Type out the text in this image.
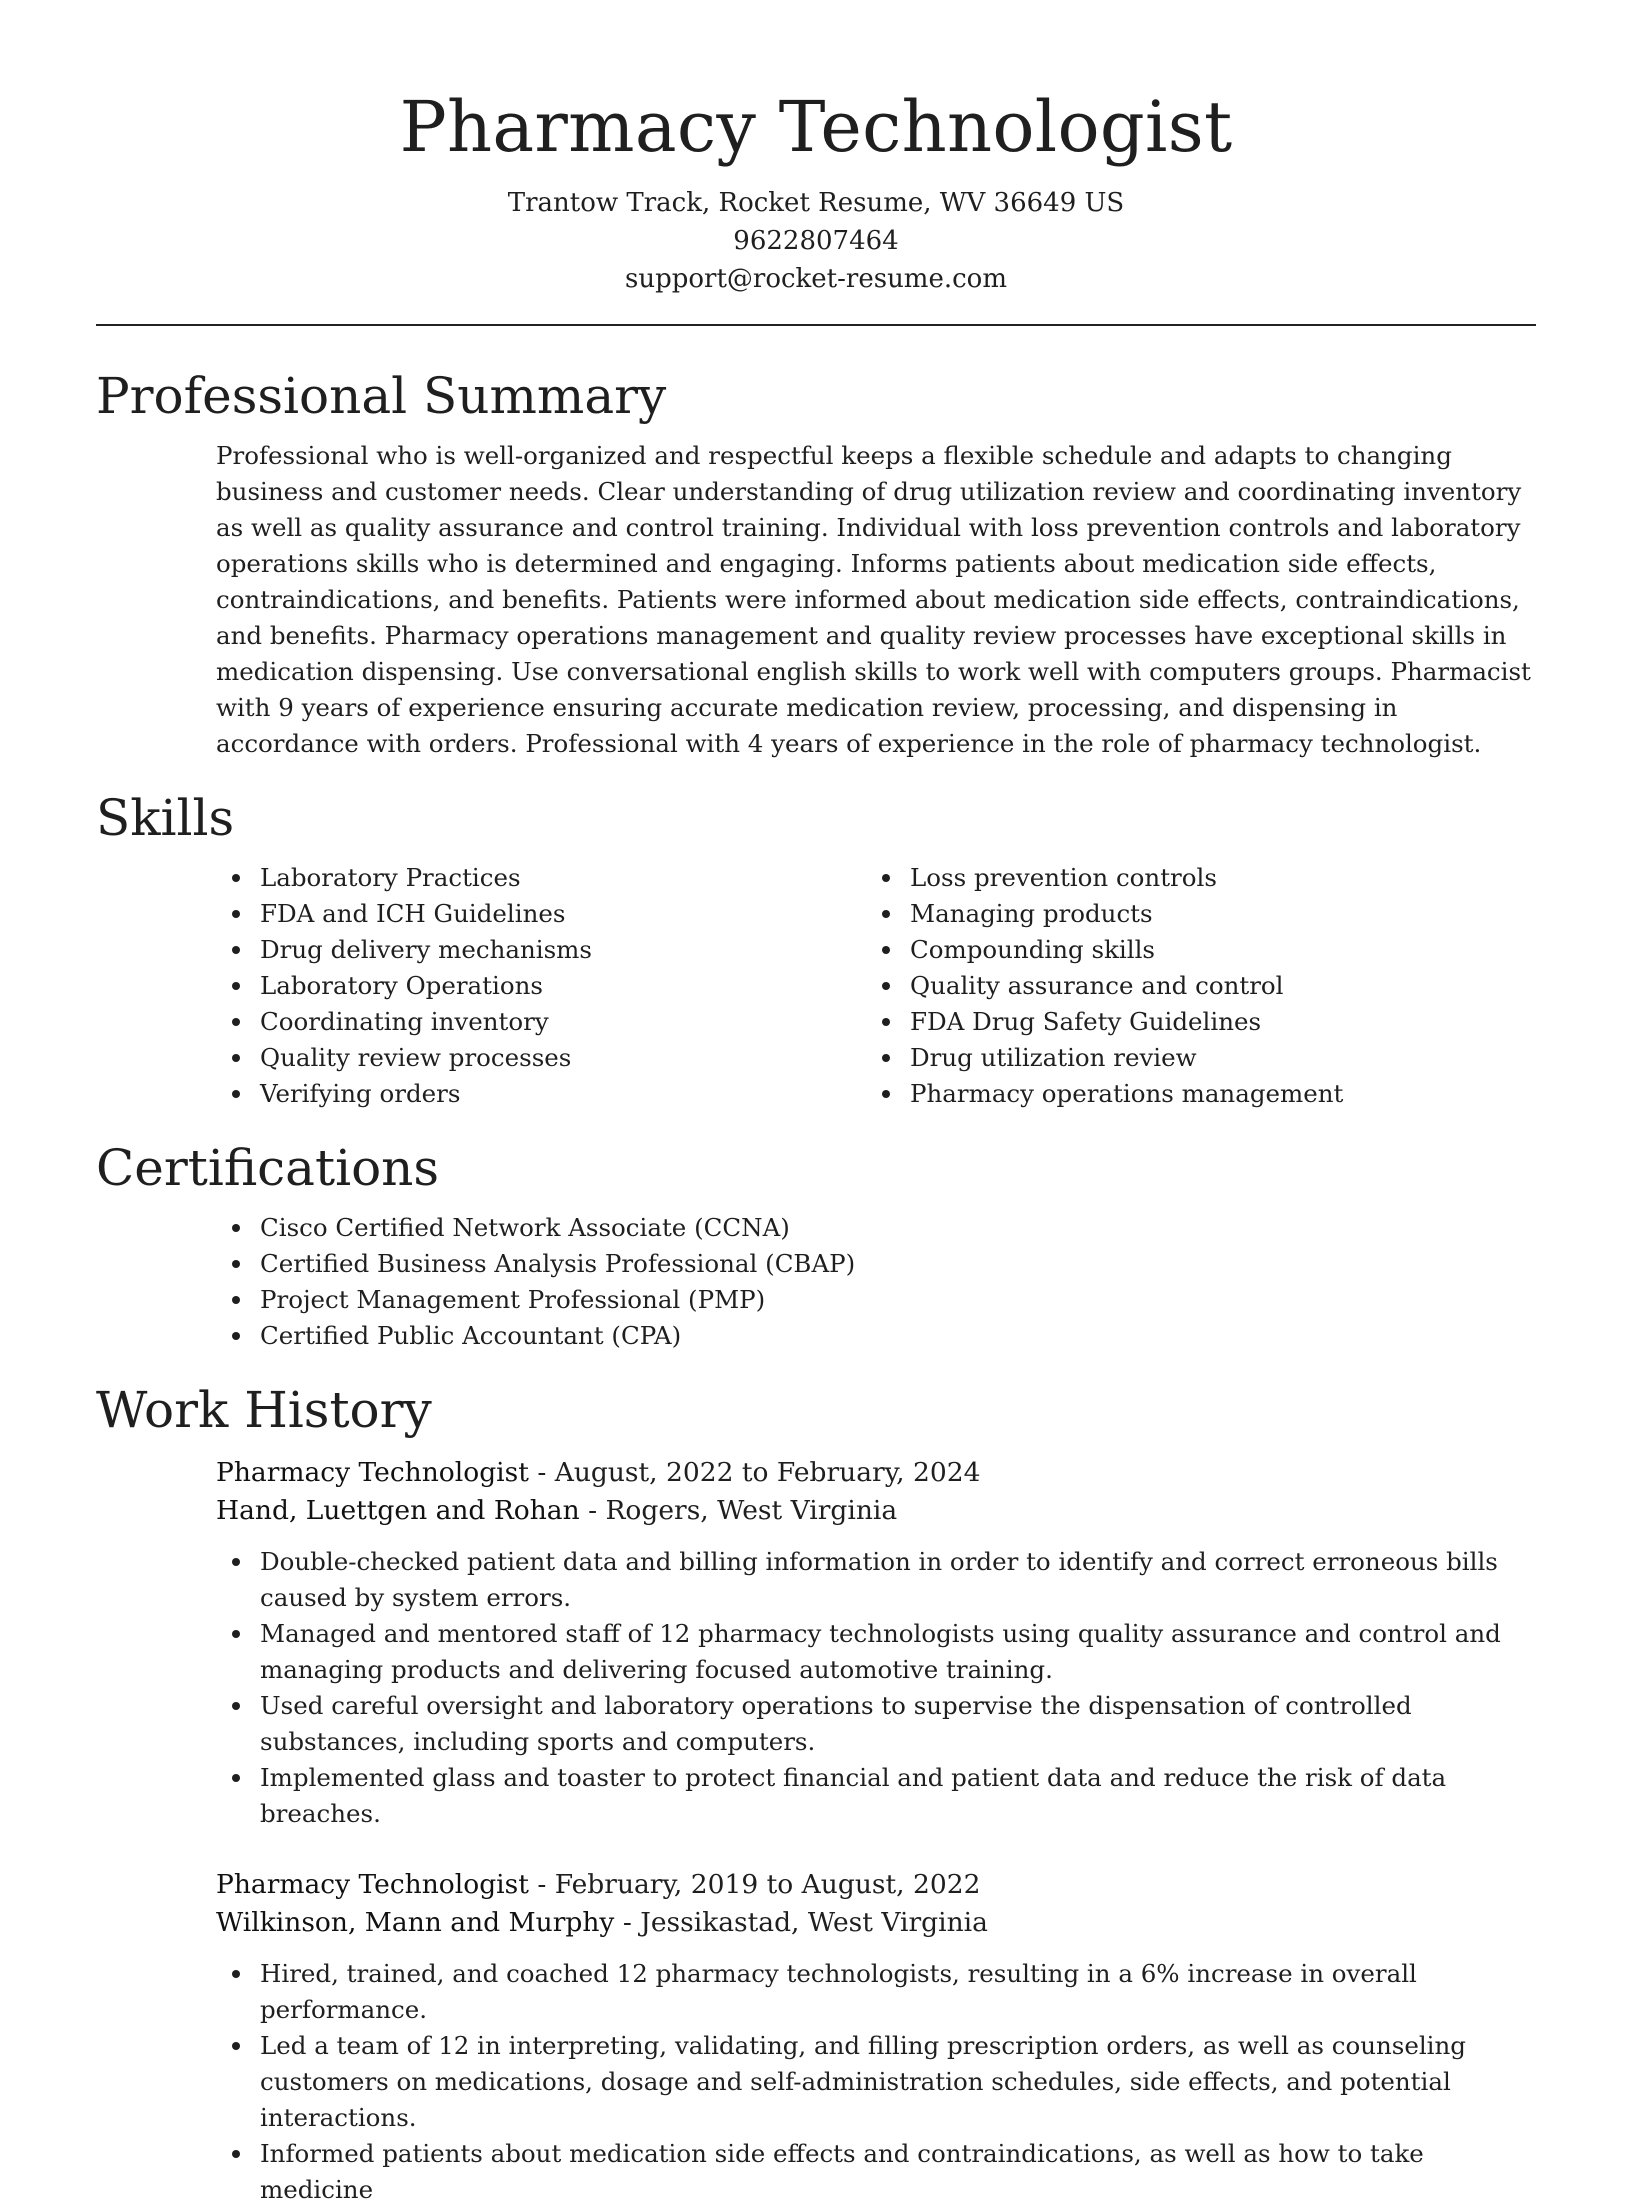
Pharmacy Technologist
Trantow Track, Rocket Resume, WV 36649 US
9622807464
support@rocket-resume.com
Professional Summary

Professional who is well-organized and respectful keeps a flexible schedule and adapts to changing business and customer needs. Clear understanding of drug utilization review and coordinating inventory as well as quality assurance and control training. Individual with loss prevention controls and laboratory operations skills who is determined and engaging. Informs patients about medication side effects, contraindications, and benefits. Patients were informed about medication side effects, contraindications, and benefits. Pharmacy operations management and quality review processes have exceptional skills in medication dispensing. Use conversational english skills to work well with computers groups. Pharmacist with 9 years of experience ensuring accurate medication review, processing, and dispensing in accordance with orders. Professional with 4 years of experience in the role of pharmacy technologist.

Skills
Laboratory Practices
FDA and ICH Guidelines
Drug delivery mechanisms
Laboratory Operations
Coordinating inventory
Quality review processes
Verifying orders
Loss prevention controls
Managing products
Compounding skills
Quality assurance and control
FDA Drug Safety Guidelines
Drug utilization review
Pharmacy operations management
Certifications
Cisco Certified Network Associate (CCNA)
Certified Business Analysis Professional (CBAP)
Project Management Professional (PMP)
Certified Public Accountant (CPA)
Work History
Pharmacy Technologist - August, 2022 to February, 2024
Hand, Luettgen and Rohan - Rogers, West Virginia
Double-checked patient data and billing information in order to identify and correct erroneous bills caused by system errors.
Managed and mentored staff of 12 pharmacy technologists using quality assurance and control and managing products and delivering focused automotive training.
Used careful oversight and laboratory operations to supervise the dispensation of controlled substances, including sports and computers.
Implemented glass and toaster to protect financial and patient data and reduce the risk of data breaches.
Pharmacy Technologist - February, 2019 to August, 2022
Wilkinson, Mann and Murphy - Jessikastad, West Virginia
Hired, trained, and coached 12 pharmacy technologists, resulting in a 6% increase in overall performance.
Led a team of 12 in interpreting, validating, and filling prescription orders, as well as counseling customers on medications, dosage and self-administration schedules, side effects, and potential interactions.
Informed patients about medication side effects and contraindications, as well as how to take medicine
